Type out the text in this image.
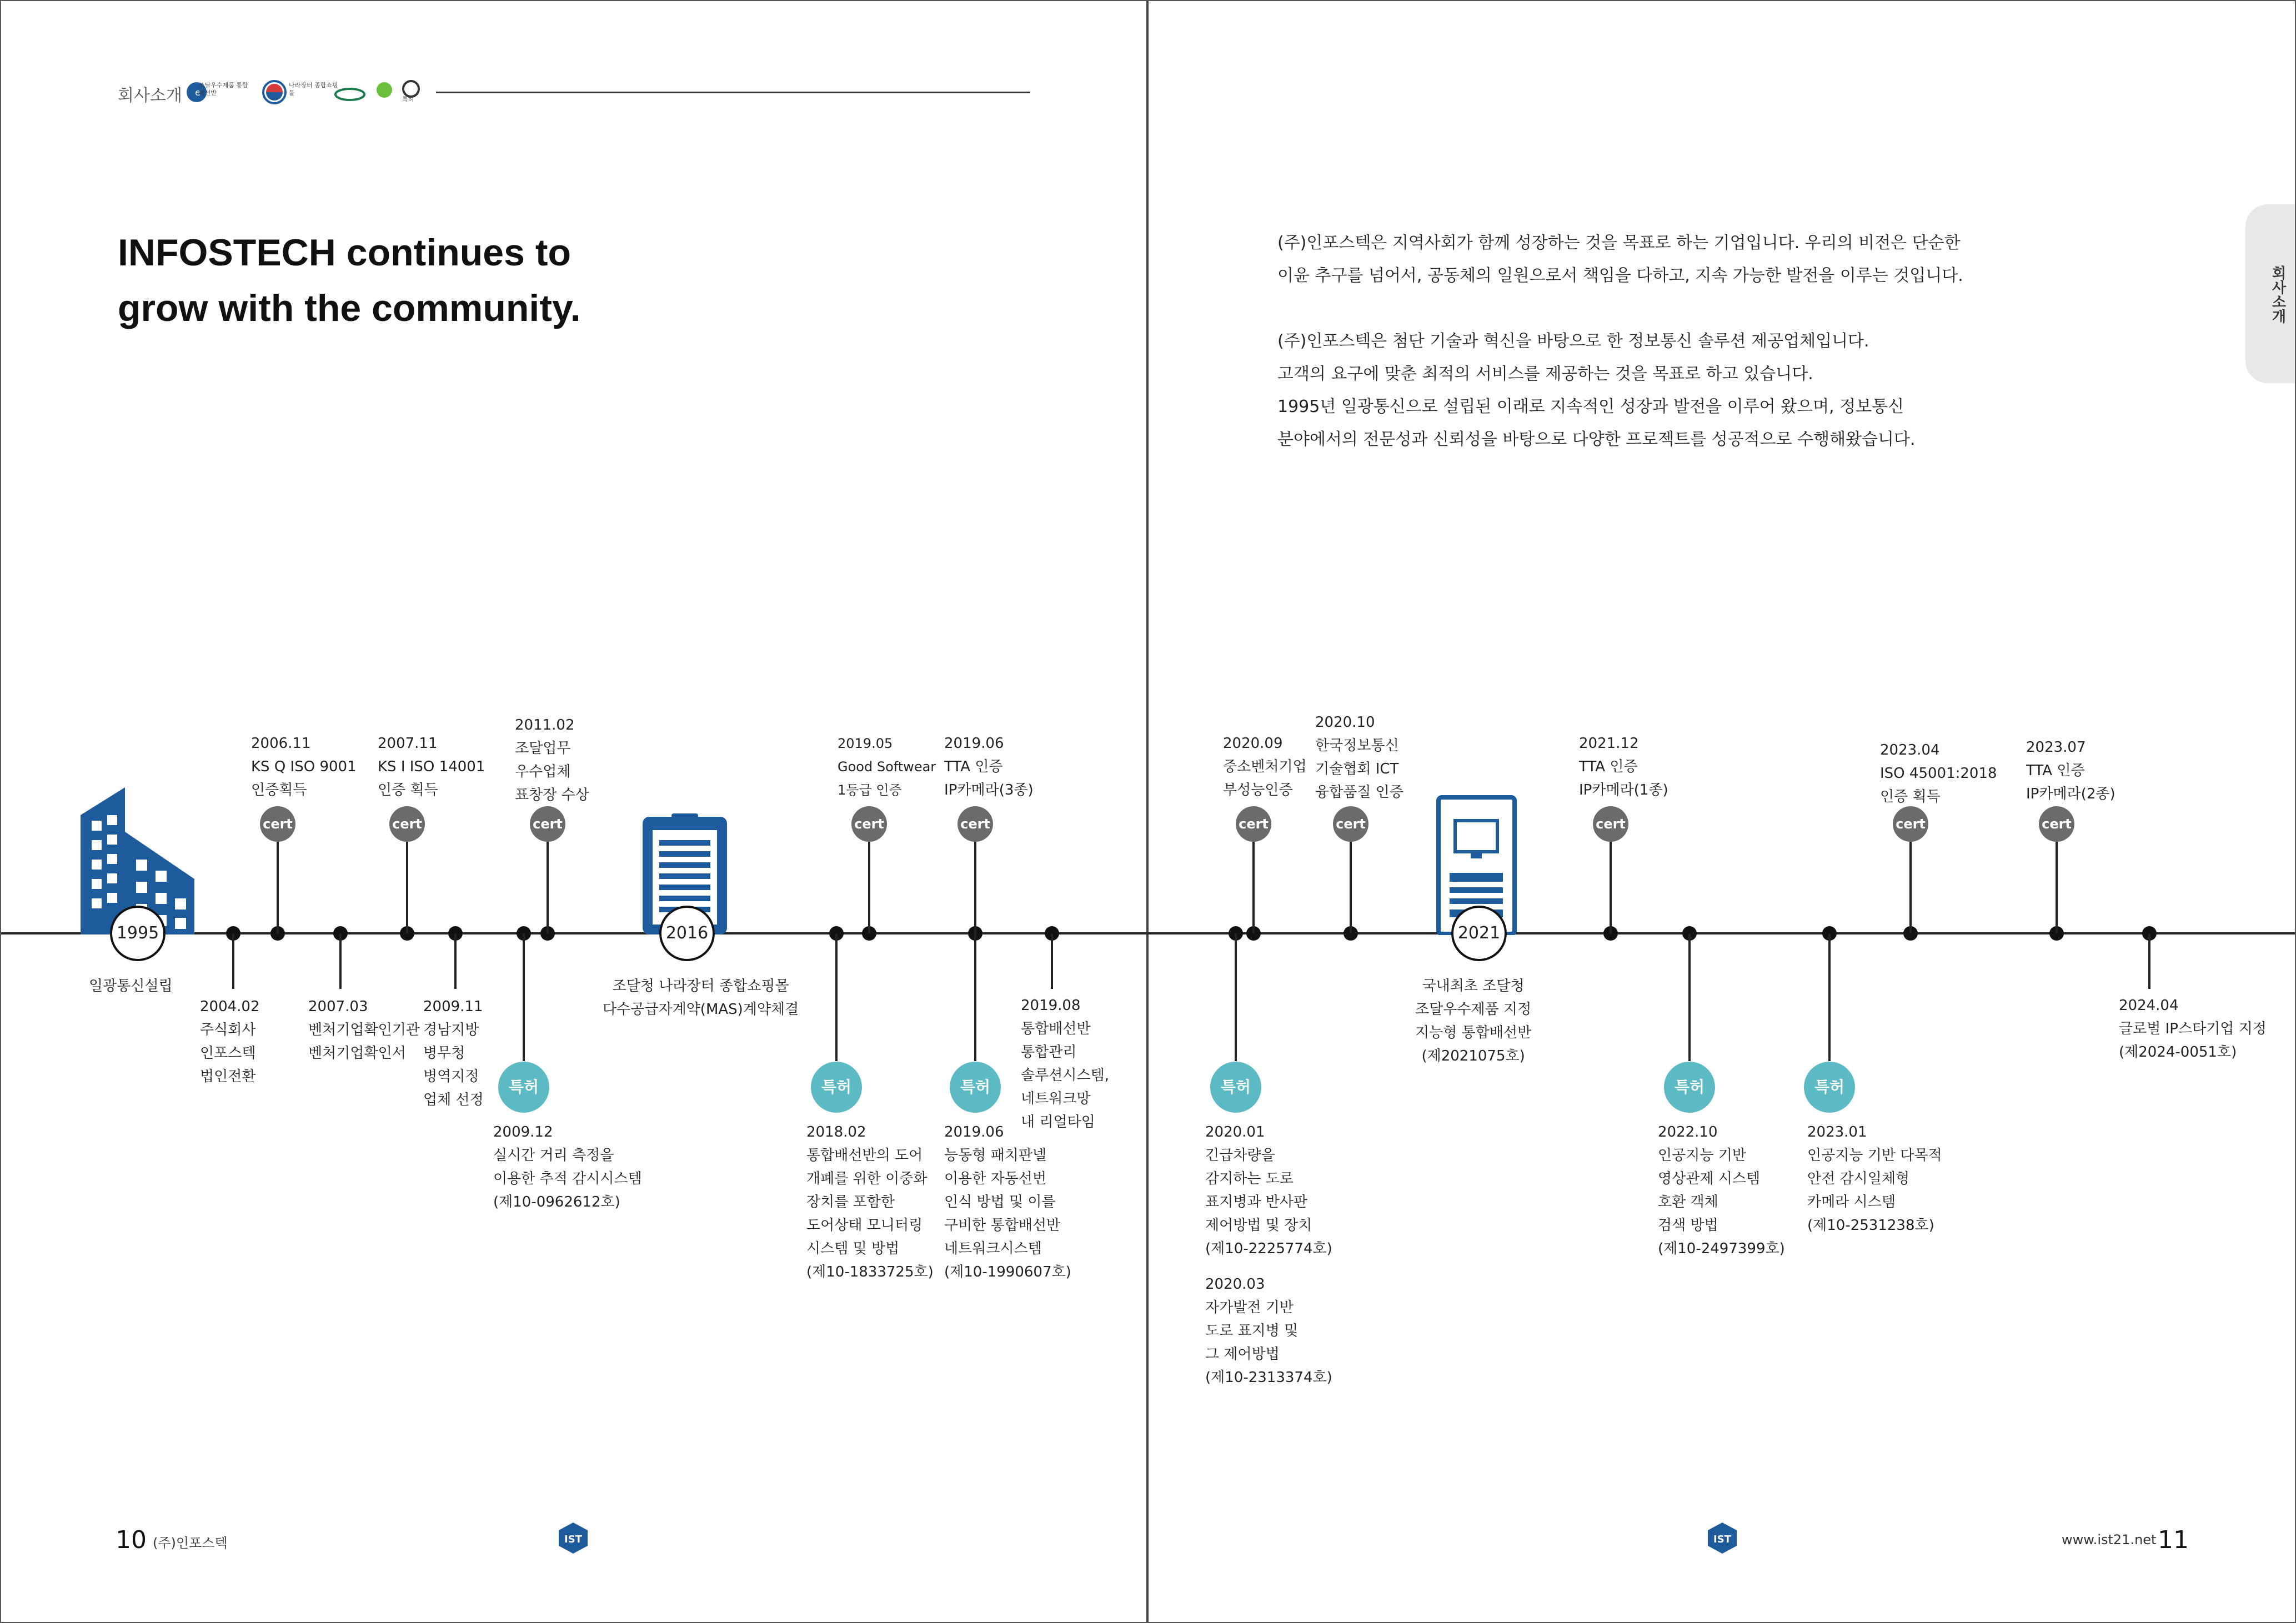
회사소개 e
조달우수제품 통합배선반
나라장터 종합쇼핑몰
특허
INFOSTECH continues to
grow with the community.
(주)인포스텍은 지역사회가 함께 성장하는 것을 목표로 하는 기업입니다. 우리의 비전은 단순한
이윤 추구를 넘어서, 공동체의 일원으로서 책임을 다하고, 지속 가능한 발전을 이루는 것입니다.
(주)인포스텍은 첨단 기술과 혁신을 바탕으로 한 정보통신 솔루션 제공업체입니다.
고객의 요구에 맞춘 최적의 서비스를 제공하는 것을 목표로 하고 있습니다.
1995년 일광통신으로 설립된 이래로 지속적인 성장과 발전을 이루어 왔으며, 정보통신
분야에서의 전문성과 신뢰성을 바탕으로 다양한 프로젝트를 성공적으로 수행해왔습니다.
회사소개
1995	2016	2021
일광통신설립	조달청 나라장터 종합쇼핑몰
다수공급자계약(MAS)계약체결
국내최초 조달청
조달우수제품 지정
지능형 통합배선반
(제2021075호)
cert	cert	cert	cert	cert	cert	cert	cert	cert	cert
특허	특허	특허	특허	특허	특허
2006.11
KS Q ISO 9001
인증획득
2007.11
KS I ISO 14001
인증 획득
2011.02
조달업무
우수업체
표창장 수상
2019.05
Good Softwear
1등급 인증
2019.06
TTA 인증
IP카메라(3종)
2020.09
중소벤처기업
부성능인증
2020.10
한국정보통신
기술협회 ICT
융합품질 인증
2021.12
TTA 인증
IP카메라(1종)
2023.04
ISO 45001:2018
인증 획득
2023.07
TTA 인증
IP카메라(2종)
2004.02
주식회사
인포스텍
법인전환
2007.03
벤처기업확인기관
벤처기업확인서
2009.11
경남지방
병무청
병역지정
업체 선정
2009.12
실시간 거리 측정을
이용한 추적 감시시스템
(제10-0962612호)
2018.02
통합배선반의 도어
개폐를 위한 이중화
장치를 포함한
도어상태 모니터링
시스템 및 방법
(제10-1833725호)
2019.06
능동형 패치판넬
이용한 자동선번
인식 방법 및 이를
구비한 통합배선반
네트워크시스템
(제10-1990607호)
2019.08
통합배선반
통합관리
솔루션시스템,
네트워크망
내 리얼타임
2020.01
긴급차량을
감지하는 도로
표지병과 반사판
제어방법 및 장치
(제10-2225774호)
2020.03
자가발전 기반
도로 표지병 및
그 제어방법
(제10-2313374호)
2022.10
인공지능 기반
영상관제 시스템
호환 객체
검색 방법
(제10-2497399호)
2023.01
인공지능 기반 다목적
안전 감시일체형
카메라 시스템
(제10-2531238호)
2024.04
글로벌 IP스타기업 지정
(제2024-0051호)
10 (주)인포스텍	IST	IST	www.ist21.net 11
